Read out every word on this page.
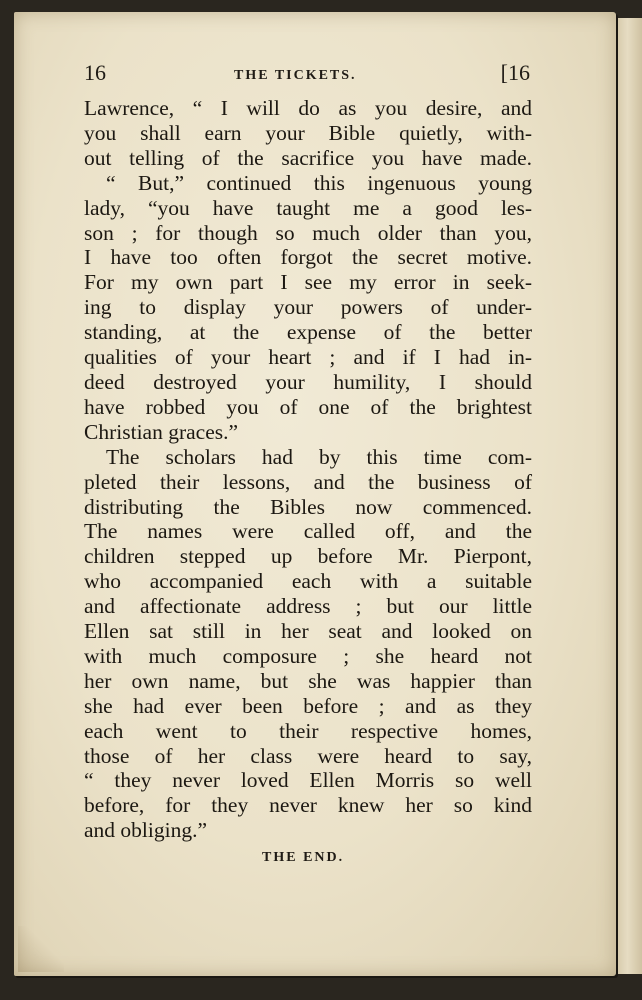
16	THE TICKETS.	[16
Lawrence, “ I will do as you desire, and
you shall earn your Bible quietly, with-
out telling of the sacrifice you have made.
“ But,” continued this ingenuous young
lady, “you have taught me a good les-
son ; for though so much older than you,
I have too often forgot the secret motive.
For my own part I see my error in seek-
ing to display your powers of under-
standing, at the expense of the better
qualities of your heart ; and if I had in-
deed destroyed your humility, I should
have robbed you of one of the brightest
Christian graces.”
The scholars had by this time com-
pleted their lessons, and the business of
distributing the Bibles now commenced.
The names were called off, and the
children stepped up before Mr. Pierpont,
who accompanied each with a suitable
and affectionate address ; but our little
Ellen sat still in her seat and looked on
with much composure ; she heard not
her own name, but she was happier than
she had ever been before ; and as they
each went to their respective homes,
those of her class were heard to say,
“ they never loved Ellen Morris so well
before, for they never knew her so kind
and obliging.”
THE END.
